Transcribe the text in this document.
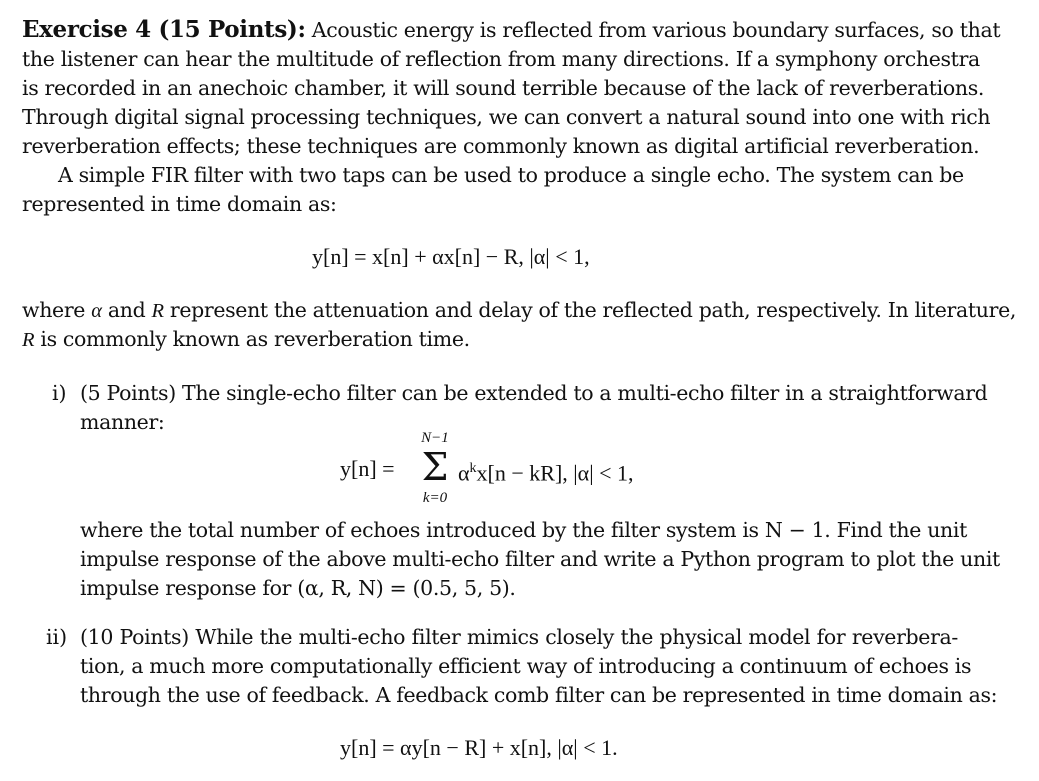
Exercise 4 (15 Points): Acoustic energy is reflected from various boundary surfaces, so that
the listener can hear the multitude of reflection from many directions. If a symphony orchestra
is recorded in an anechoic chamber, it will sound terrible because of the lack of reverberations.
Through digital signal processing techniques, we can convert a natural sound into one with rich
reverberation effects; these techniques are commonly known as digital artificial reverberation.
A simple FIR filter with two taps can be used to produce a single echo. The system can be
represented in time domain as:
y[n] = x[n] + αx[n] − R, |α| < 1,
where α and R represent the attenuation and delay of the reflected path, respectively. In literature,
R is commonly known as reverberation time.
i) (5 Points) The single-echo filter can be extended to a multi-echo filter in a straightforward
manner:
y[n] =
N−1
Σ
k=0
$\alpha^kx[n - kR]$, |α| < 1,
where the total number of echoes introduced by the filter system is N − 1. Find the unit
impulse response of the above multi-echo filter and write a Python program to plot the unit
impulse response for (α, R, N) = (0.5, 5, 5).
ii) (10 Points) While the multi-echo filter mimics closely the physical model for reverbera-
tion, a much more computationally efficient way of introducing a continuum of echoes is
through the use of feedback. A feedback comb filter can be represented in time domain as:
y[n] = αy[n − R] + x[n], |α| < 1.
